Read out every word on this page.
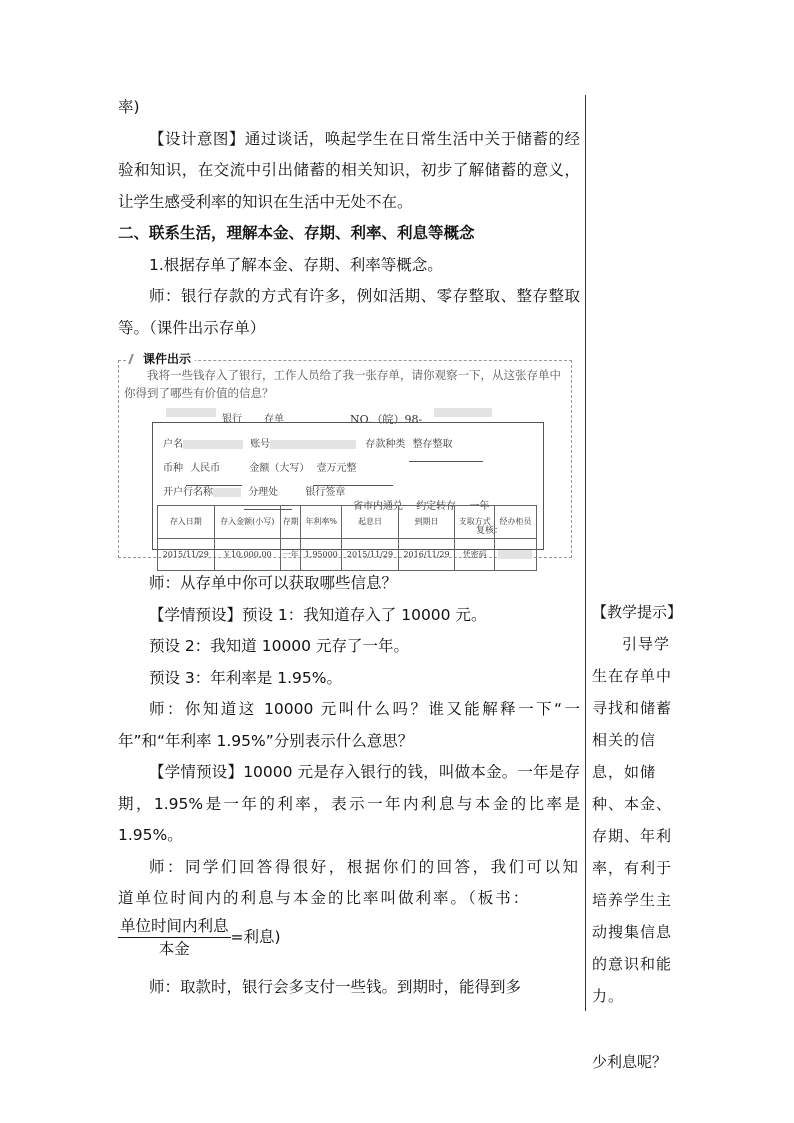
率)

【设计意图】通过谈话，唤起学生在日常生活中关于储蓄的经验和知识，在交流中引出储蓄的相关知识，初步了解储蓄的意义，让学生感受利率的知识在生活中无处不在。

二、联系生活，理解本金、存期、利率、利息等概念

1.根据存单了解本金、存期、利率等概念。

师：银行存款的方式有许多，例如活期、零存整取、整存整取等。（课件出示存单）

课件出示
我将一些钱存入了银行，工作人员给了我一张存单，请你观察一下，从这张存单中你得到了哪些有价值的信息？
银行 存单	NO.（皖）98-
户名	账号	存款种类 整存整取
币种 人民币	金额（大写） 壹万元整
开户行名称	分理处	银行签章
省市内通兑 约定转存 一年
存入日期	存入金额(小写)	存期	年利率%	起息日	到期日	支取方式	经办柜员
2015/11/29	￥10,000.00	一年	1.95000	2015/11/29	2016/11/29	凭密码	
复核：

师：从存单中你可以获取哪些信息？

【学情预设】预设 1：我知道存入了 10000 元。

预设 2：我知道 10000 元存了一年。

预设 3：年利率是 1.95%。

师：你知道这 10000 元叫什么吗？谁又能解释一下“一年”和“年利率 1.95%”分别表示什么意思？

【学情预设】10000 元是存入银行的钱，叫做本金。一年是存期，1.95%是一年的利率，表示一年内利息与本金的比率是 1.95%。

师：同学们回答得很好，根据你们的回答，我们可以知道单位时间内的利息与本金的比率叫做利率。（板书：

$\frac{\text{单位时间内利息}}{\text{本金}}$ =利息)

师：取款时，银行会多支付一些钱。到期时，能得到多

【教学提示】

引导学生在存单中寻找和储蓄相关的信息，如储种、本金、存期、年利率，有利于培养学生主动搜集信息的意识和能力。

少利息呢？
